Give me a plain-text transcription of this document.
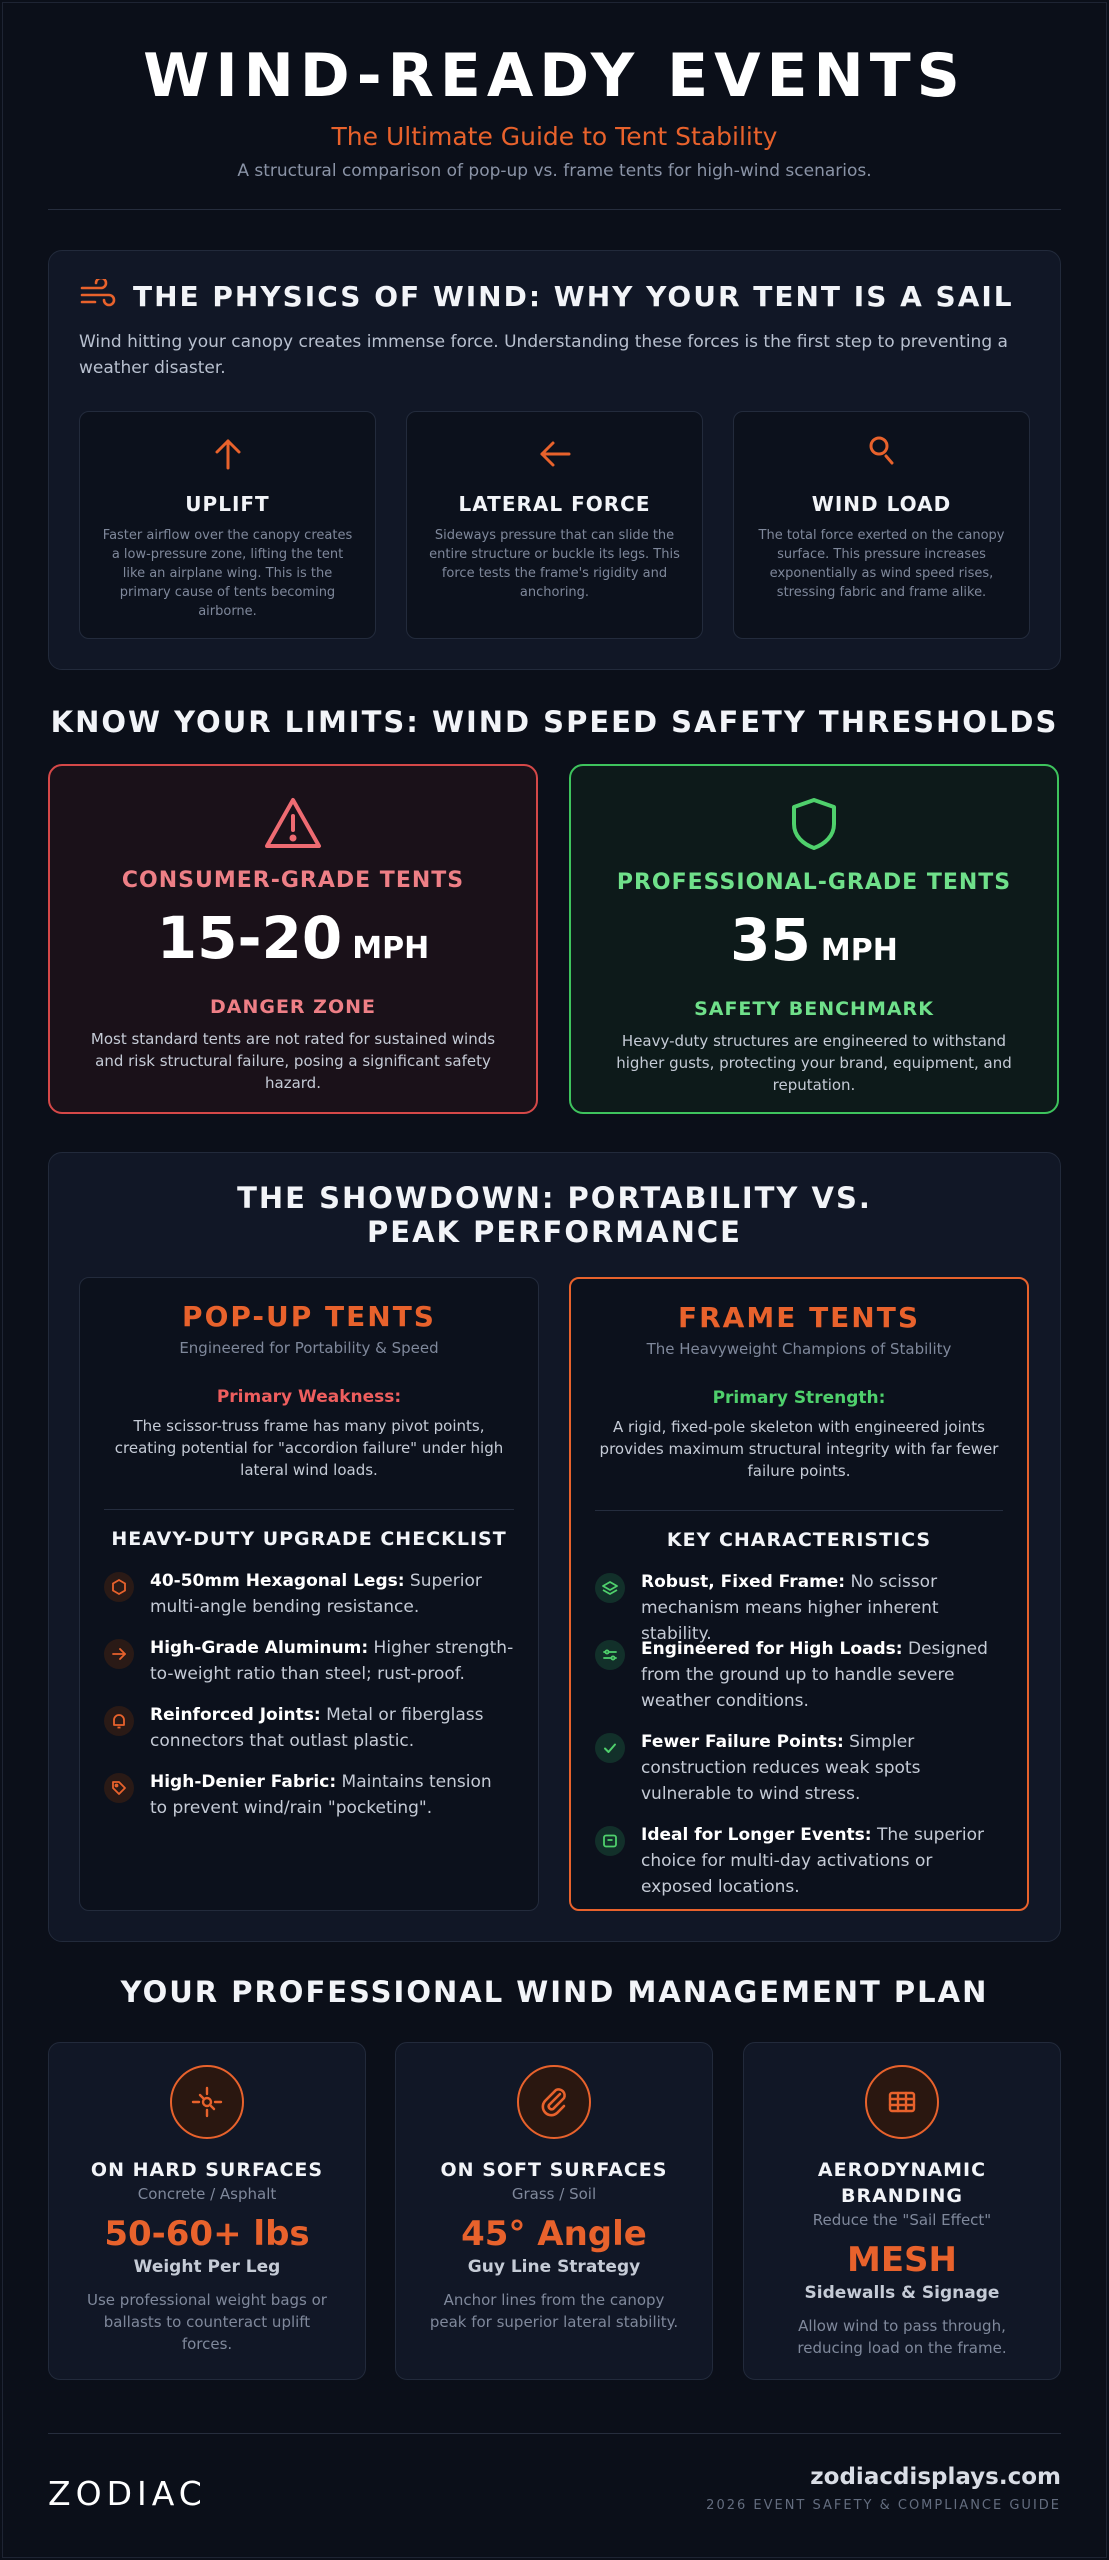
WIND-READY EVENTS
The Ultimate Guide to Tent Stability
A structural comparison of pop-up vs. frame tents for high-wind scenarios.
THE PHYSICS OF WIND: WHY YOUR TENT IS A SAIL

Wind hitting your canopy creates immense force. Understanding these forces is the first step to preventing a weather disaster.

UPLIFT

Faster airflow over the canopy creates a low-pressure zone, lifting the tent like an airplane wing. This is the primary cause of tents becoming airborne.

LATERAL FORCE

Sideways pressure that can slide the entire structure or buckle its legs. This force tests the frame's rigidity and anchoring.

WIND LOAD

The total force exerted on the canopy surface. This pressure increases exponentially as wind speed rises, stressing fabric and frame alike.

KNOW YOUR LIMITS: WIND SPEED SAFETY THRESHOLDS
CONSUMER-GRADE TENTS
15-20 MPH
DANGER ZONE

Most standard tents are not rated for sustained winds and risk structural failure, posing a significant safety hazard.

PROFESSIONAL-GRADE TENTS
35 MPH
SAFETY BENCHMARK

Heavy-duty structures are engineered to withstand higher gusts, protecting your brand, equipment, and reputation.

THE SHOWDOWN: PORTABILITY VS. PEAK PERFORMANCE
POP-UP TENTS
Engineered for Portability & Speed
Primary Weakness:
The scissor-truss frame has many pivot points, creating potential for "accordion failure" under high lateral wind loads.
HEAVY-DUTY UPGRADE CHECKLIST
40-50mm Hexagonal Legs: Superior multi-angle bending resistance.
High-Grade Aluminum: Higher strength-to-weight ratio than steel; rust-proof.
Reinforced Joints: Metal or fiberglass connectors that outlast plastic.
High-Denier Fabric: Maintains tension to prevent wind/rain "pocketing".
FRAME TENTS
The Heavyweight Champions of Stability
Primary Strength:
A rigid, fixed-pole skeleton with engineered joints provides maximum structural integrity with far fewer failure points.
KEY CHARACTERISTICS
Robust, Fixed Frame: No scissor mechanism means higher inherent stability.
Engineered for High Loads: Designed from the ground up to handle severe weather conditions.
Fewer Failure Points: Simpler construction reduces weak spots vulnerable to wind stress.
Ideal for Longer Events: The superior choice for multi-day activations or exposed locations.
YOUR PROFESSIONAL WIND MANAGEMENT PLAN
ON HARD SURFACES
Concrete / Asphalt
50-60+ lbs
Weight Per Leg

Use professional weight bags or ballasts to counteract uplift forces.

ON SOFT SURFACES
Grass / Soil
45° Angle
Guy Line Strategy

Anchor lines from the canopy peak for superior lateral stability.

AERODYNAMIC BRANDING
Reduce the "Sail Effect"
MESH
Sidewalls & Signage

Allow wind to pass through, reducing load on the frame.

ZODIAC	zodiacdisplays.com
2026 EVENT SAFETY & COMPLIANCE GUIDE
